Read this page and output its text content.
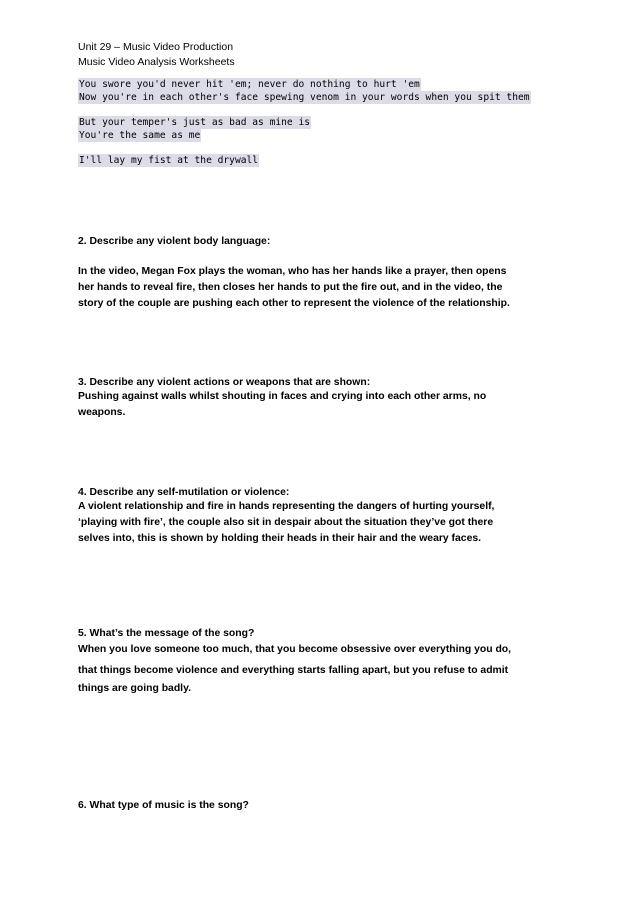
Unit 29 – Music Video Production
Music Video Analysis Worksheets
You swore you'd never hit 'em; never do nothing to hurt 'em
Now you're in each other's face spewing venom in your words when you spit them
But your temper's just as bad as mine is
You're the same as me
I'll lay my fist at the drywall
2. Describe any violent body language:
In the video, Megan Fox plays the woman, who has her hands like a prayer, then opens
her hands to reveal fire, then closes her hands to put the fire out, and in the video, the
story of the couple are pushing each other to represent the violence of the relationship.
3. Describe any violent actions or weapons that are shown:
Pushing against walls whilst shouting in faces and crying into each other arms, no
weapons.
4. Describe any self-mutilation or violence:
A violent relationship and fire in hands representing the dangers of hurting yourself,
‘playing with fire’, the couple also sit in despair about the situation they’ve got there
selves into, this is shown by holding their heads in their hair and the weary faces.
5. What’s the message of the song?
When you love someone too much, that you become obsessive over everything you do,
that things become violence and everything starts falling apart, but you refuse to admit
things are going badly.
6. What type of music is the song?
